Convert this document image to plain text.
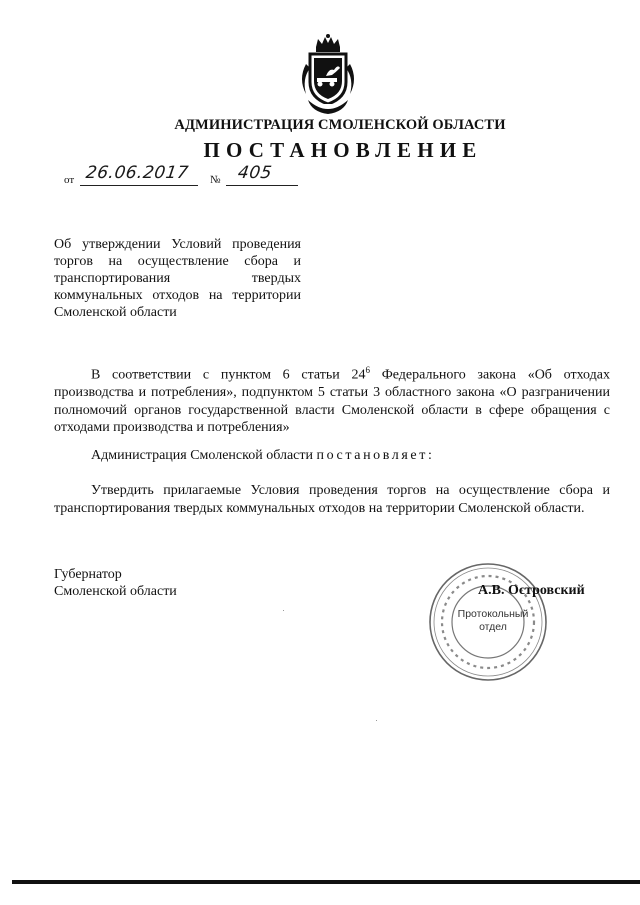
АДМИНИСТРАЦИЯ СМОЛЕНСКОЙ ОБЛАСТИ
ПОСТАНОВЛЕНИЕ
от 26.06.2017 № 405
Об утверждении Условий проведения торгов на осуществление сбора и транспортирования твердых коммунальных отходов на территории Смоленской области
В соответствии с пунктом 6 статьи $24^6$ Федерального закона «Об отходах производства и потребления», подпунктом 5 статьи 3 областного закона «О разграничении полномочий органов государственной власти Смоленской области в сфере обращения с отходами производства и потребления»
Администрация Смоленской области постановляет:
Утвердить прилагаемые Условия проведения торгов на осуществление сбора и транспортирования твердых коммунальных отходов на территории Смоленской области.
Губернатор
Смоленской области
Протокольный
отдел
А.В. Островский
